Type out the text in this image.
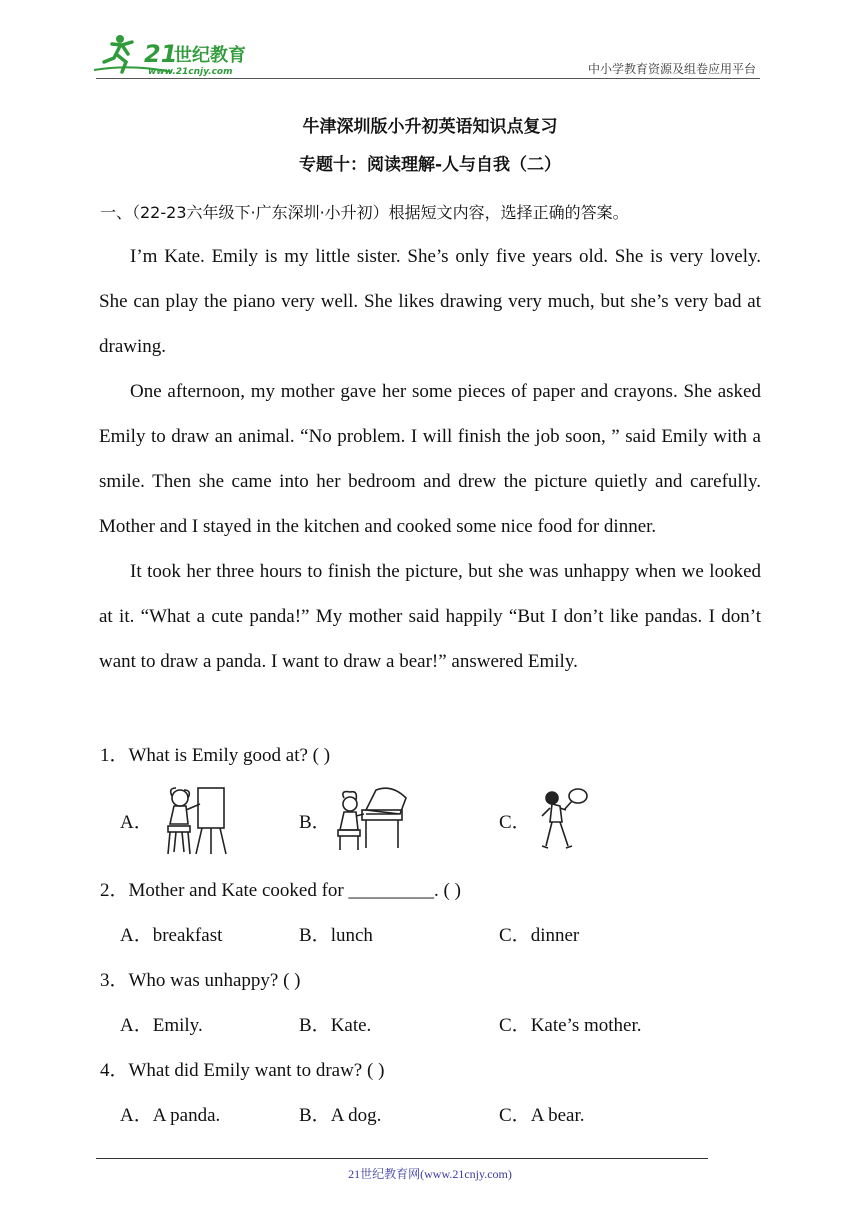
21
世纪教育
www.21cnjy.com	中小学教育资源及组卷应用平台
牛津深圳版小升初英语知识点复习
专题十：阅读理解-人与自我（二）
一、（22-23六年级下·广东深圳·小升初）根据短文内容，选择正确的答案。

I’m Kate. Emily is my little sister. She’s only five years old. She is very lovely. She can play the piano very well. She likes drawing very much, but she’s very bad at drawing.

One afternoon, my mother gave her some pieces of paper and crayons. She asked Emily to draw an animal. “No problem. I will finish the job soon, ” said Emily with a smile. Then she came into her bedroom and drew the picture quietly and carefully. Mother and I stayed in the kitchen and cooked some nice food for dinner.

It took her three hours to finish the picture, but she was unhappy when we looked at it. “What a cute panda!” My mother said happily “But I don’t like pandas. I don’t want to draw a panda. I want to draw a bear!” answered Emily.

1．What is Emily good at? ( )
A．	B．	C．
2．Mother and Kate cooked for _________. ( )
A．breakfast	B．lunch	C．dinner
3．Who was unhappy? ( )
A．Emily.	B．Kate.	C．Kate’s mother.
4．What did Emily want to draw? ( )
A．A panda.	B．A dog.	C．A bear.
21世纪教育网(www.21cnjy.com)
